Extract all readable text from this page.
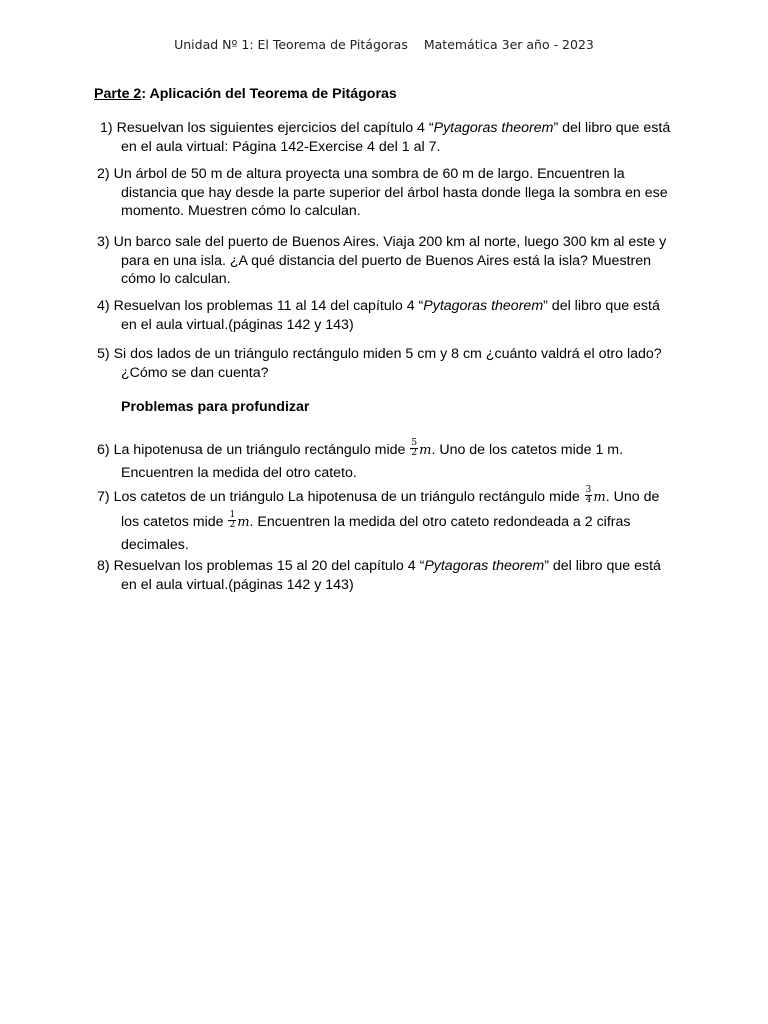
Unidad Nº 1: El Teorema de Pitágoras Matemática 3er año - 2023
Parte 2: Aplicación del Teorema de Pitágoras
1) Resuelvan los siguientes ejercicios del capítulo 4 “Pytagoras theorem” del libro que está
en el aula virtual: Página 142-Exercise 4 del 1 al 7.
2) Un árbol de 50 m de altura proyecta una sombra de 60 m de largo. Encuentren la
distancia que hay desde la parte superior del árbol hasta donde llega la sombra en ese
momento. Muestren cómo lo calculan.
3) Un barco sale del puerto de Buenos Aires. Viaja 200 km al norte, luego 300 km al este y
para en una isla. ¿A qué distancia del puerto de Buenos Aires está la isla? Muestren
cómo lo calculan.
4) Resuelvan los problemas 11 al 14 del capítulo 4 “Pytagoras theorem” del libro que está
en el aula virtual.(páginas 142 y 143)
5) Si dos lados de un triángulo rectángulo miden 5 cm y 8 cm ¿cuánto valdrá el otro lado?
¿Cómo se dan cuenta?
Problemas para profundizar
6) La hipotenusa de un triángulo rectángulo mide $\frac{5}{2} m$. Uno de los catetos mide 1 m.
Encuentren la medida del otro cateto.
7) Los catetos de un triángulo La hipotenusa de un triángulo rectángulo mide $\frac{3}{4} m$. Uno de
los catetos mide $\frac{1}{2} m$. Encuentren la medida del otro cateto redondeada a 2 cifras
decimales.
8) Resuelvan los problemas 15 al 20 del capítulo 4 “Pytagoras theorem” del libro que está
en el aula virtual.(páginas 142 y 143)
